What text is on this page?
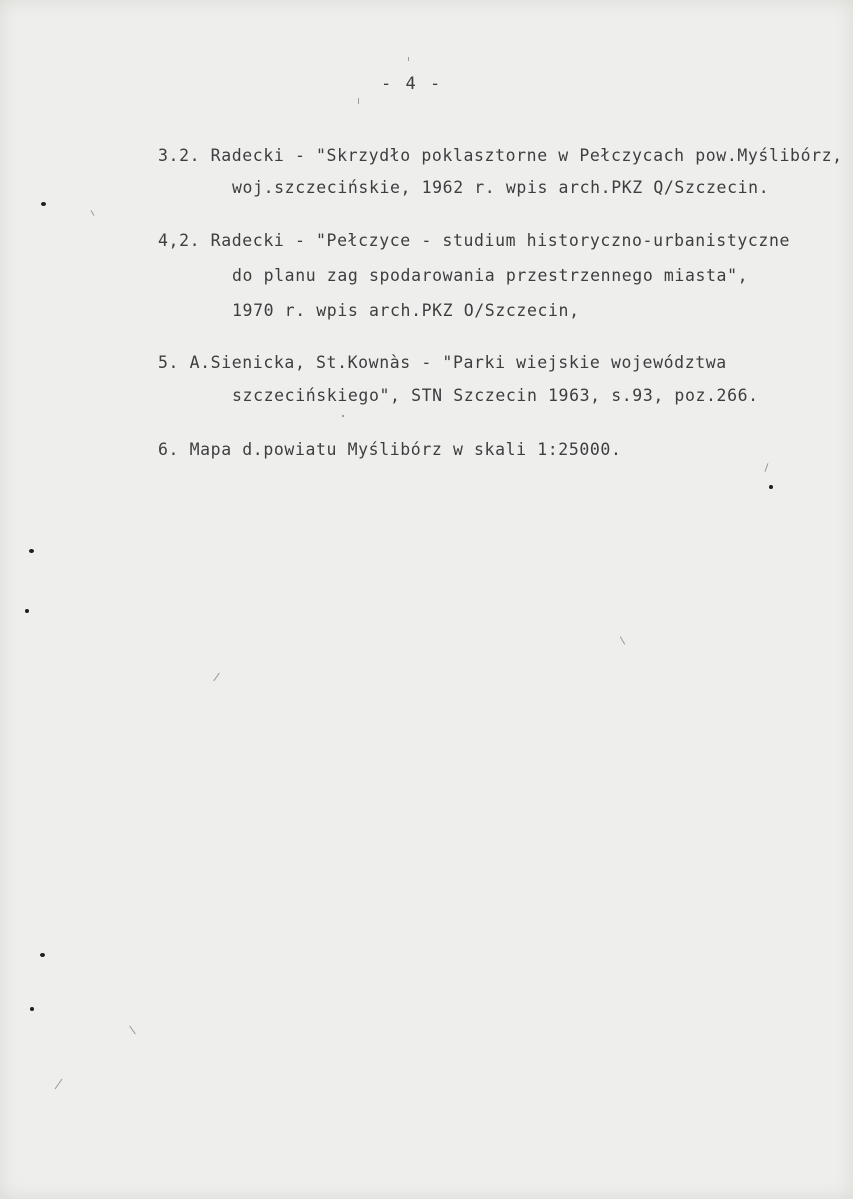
- 4 -
3.2. Radecki - "Skrzydło poklasztorne w Pełczycach pow.Myślibórz,
woj.szczecińskie, 1962 r. wpis arch.PKZ Q/Szczecin.
4,2. Radecki - "Pełczyce - studium historyczno-urbanistyczne
do planu zag spodarowania przestrzennego miasta",
1970 r. wpis arch.PKZ O/Szczecin,
5. A.Sienicka, St.Kownàs - "Parki wiejskie województwa
szczecińskiego", STN Szczecin 1963, s.93, poz.266.
6. Mapa d.powiatu Myślibórz w skali 1:25000.
